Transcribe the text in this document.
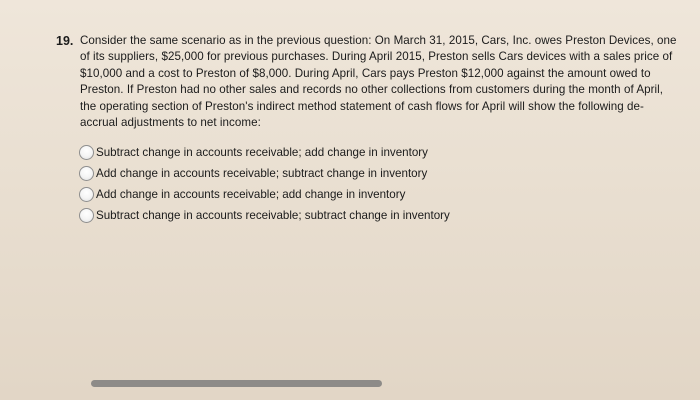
19. Consider the same scenario as in the previous question: On March 31, 2015, Cars, Inc. owes Preston Devices, one of its suppliers, $25,000 for previous purchases. During April 2015, Preston sells Cars devices with a sales price of $10,000 and a cost to Preston of $8,000. During April, Cars pays Preston $12,000 against the amount owed to Preston. If Preston had no other sales and records no other collections from customers during the month of April, the operating section of Preston's indirect method statement of cash flows for April will show the following de-accrual adjustments to net income:
Subtract change in accounts receivable; add change in inventory
Add change in accounts receivable; subtract change in inventory
Add change in accounts receivable; add change in inventory
Subtract change in accounts receivable; subtract change in inventory
